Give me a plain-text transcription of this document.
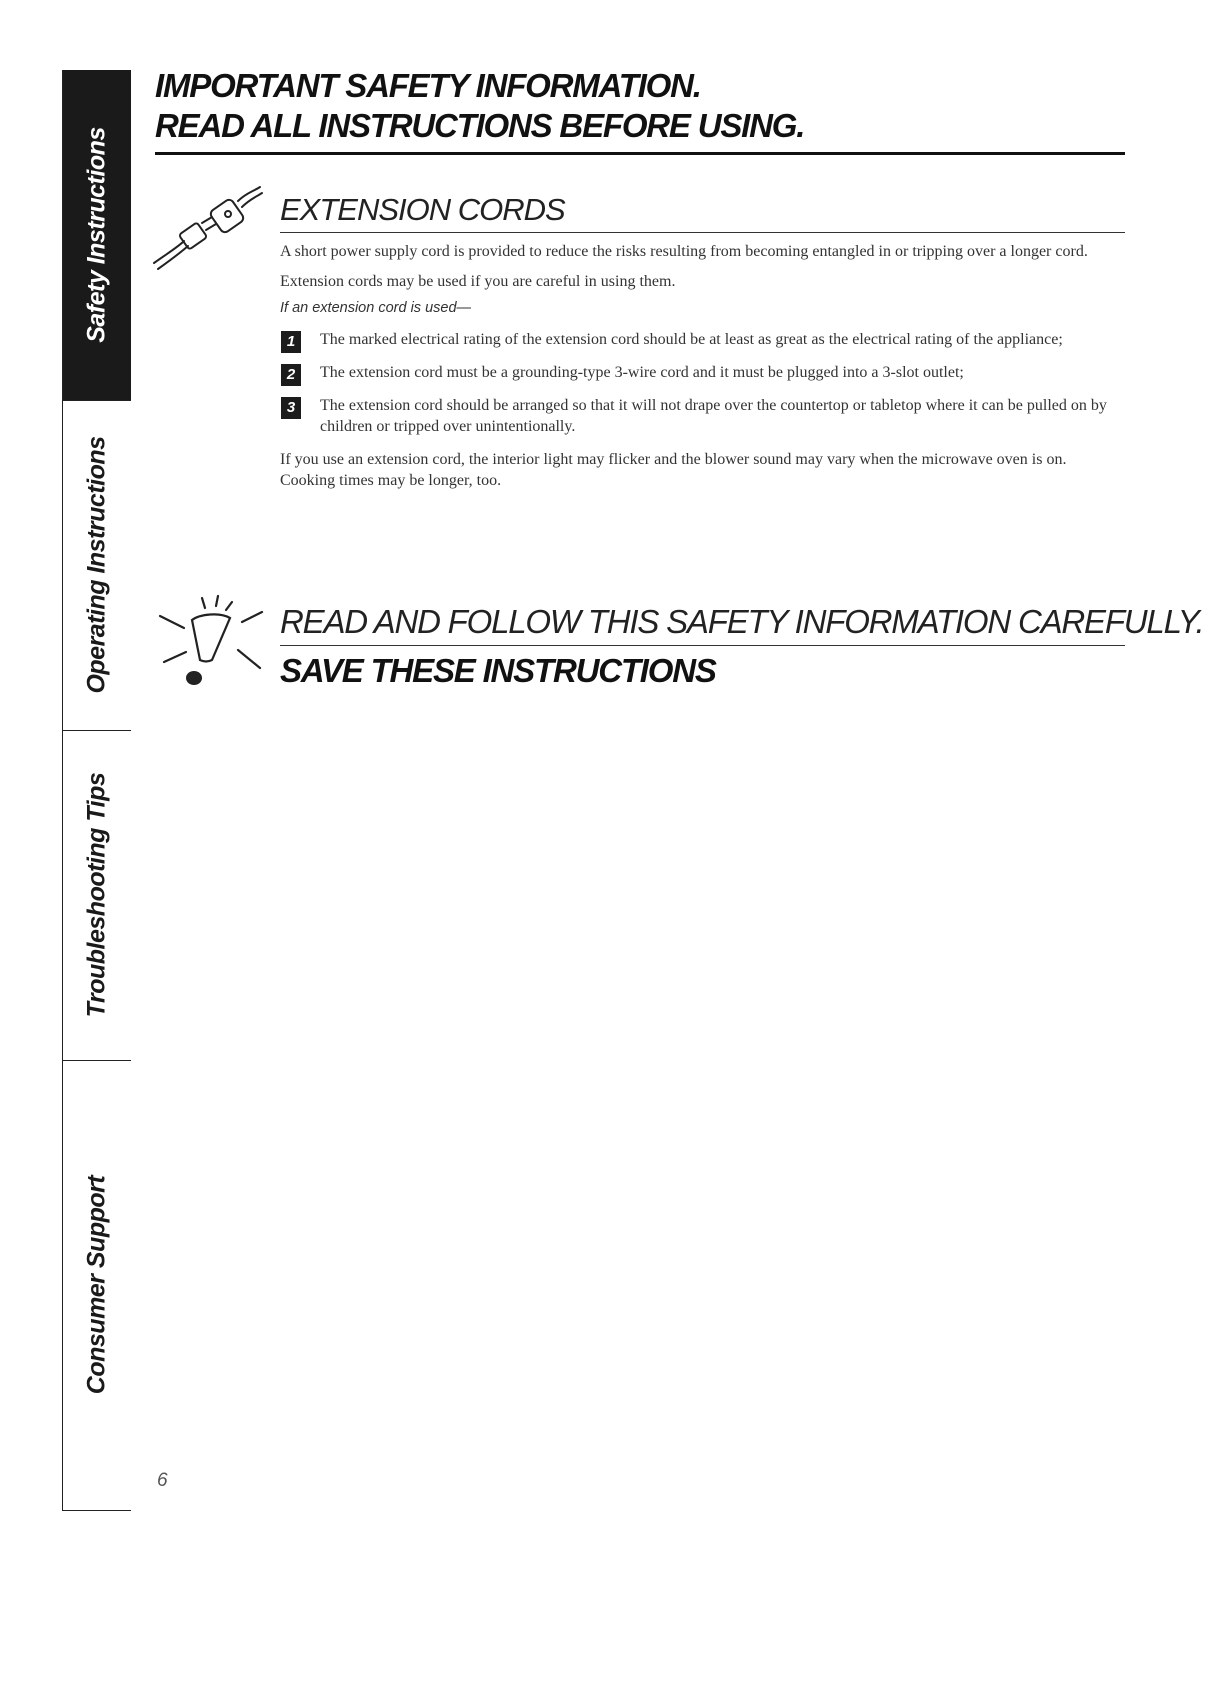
Safety Instructions
Operating Instructions
Troubleshooting Tips
Consumer Support
IMPORTANT SAFETY INFORMATION.
READ ALL INSTRUCTIONS BEFORE USING.
EXTENSION CORDS

A short power supply cord is provided to reduce the risks resulting from becoming entangled in or tripping over a longer cord.

Extension cords may be used if you are careful in using them.

If an extension cord is used—

1	The marked electrical rating of the extension cord should be at least as great as the electrical rating of the appliance;
2	The extension cord must be a grounding-type 3-wire cord and it must be plugged into a 3-slot outlet;
3	The extension cord should be arranged so that it will not drape over the countertop or tabletop where it can be pulled on by children or tripped over unintentionally.

If you use an extension cord, the interior light may flicker and the blower sound may vary when the microwave oven is on. Cooking times may be longer, too.

READ AND FOLLOW THIS SAFETY INFORMATION CAREFULLY.
SAVE THESE INSTRUCTIONS
6
